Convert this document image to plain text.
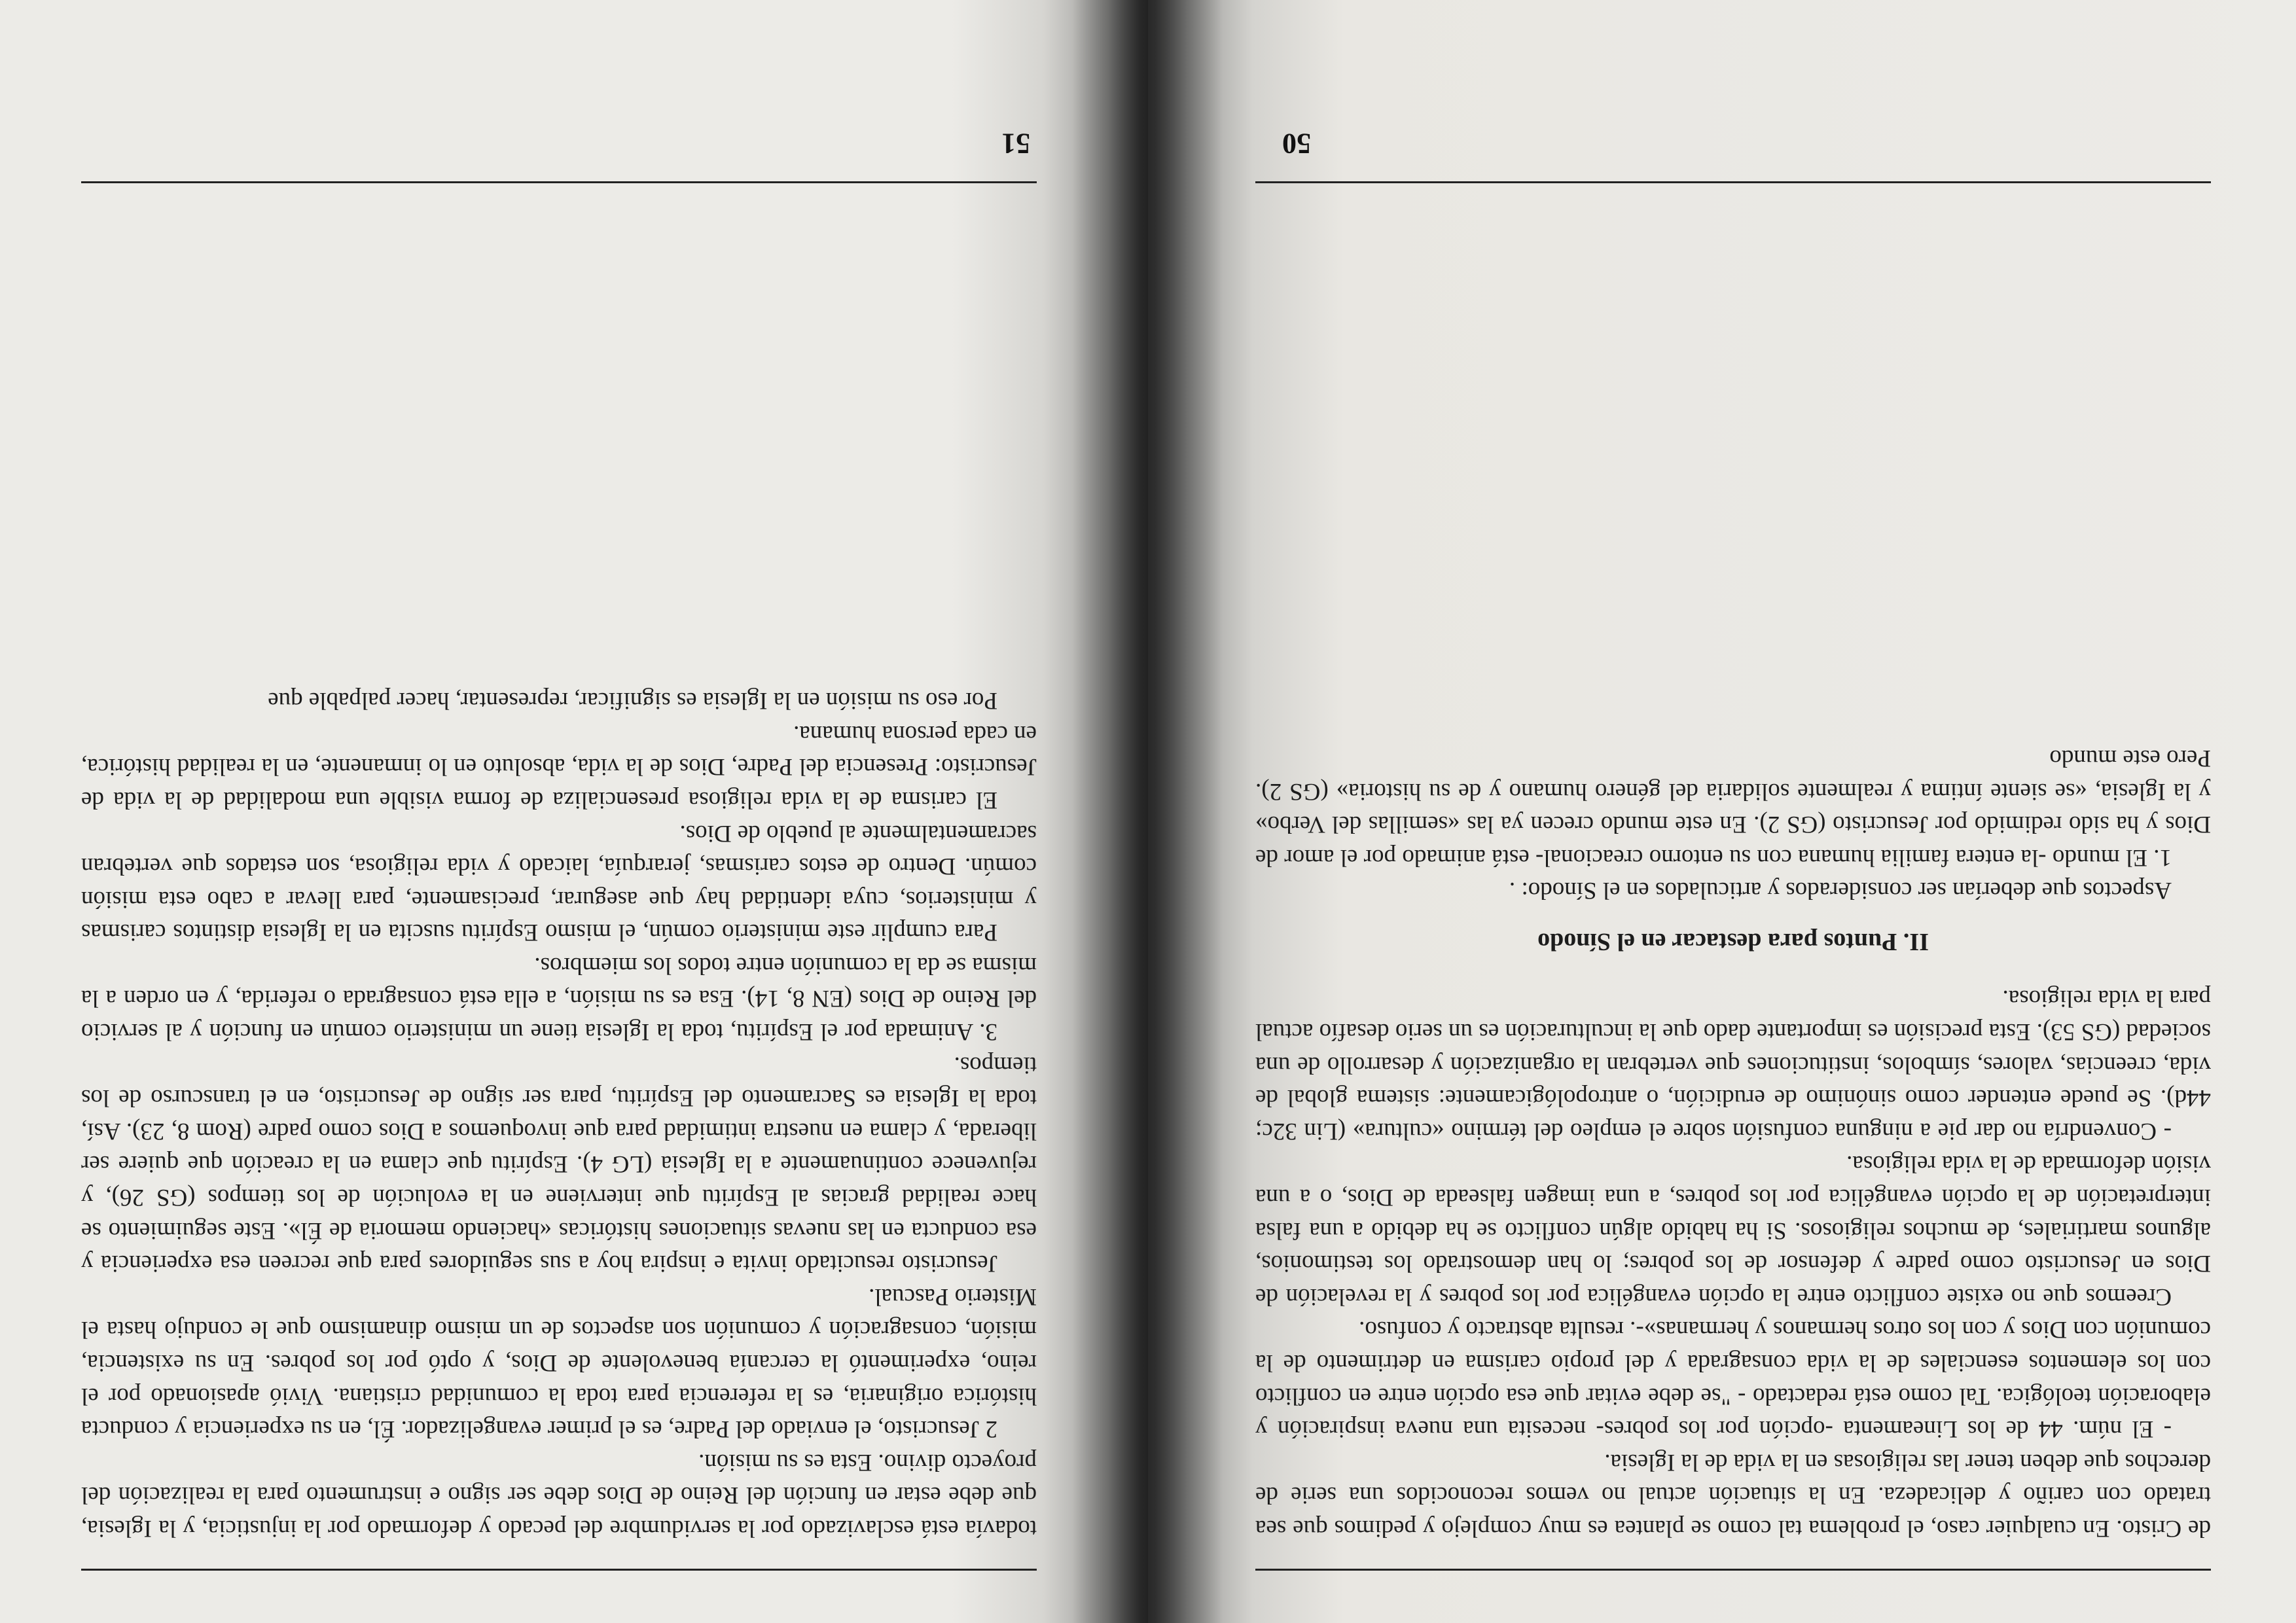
de Cristo. En cualquier caso, el problema tal como se plantea es muy complejo y pedimos que sea tratado con cariño y delicadeza. En la situación actual no vemos reconocidos una serie de derechos que deben tener las religiosas en la vida de la Iglesia.

- El núm. 44 de los Lineamenta -opción por los pobres- necesita una nueva inspiración y elaboración teológica. Tal como está redactado - "se debe evitar que esa opción entre en conflicto con los elementos esenciales de la vida consagrada y del propio carisma en detrimento de la comunión con Dios y con los otros hermanos y hermanas»-. resulta abstracto y confuso.

Creemos que no existe conflicto entre la opción evangélica por los pobres y la revelación de Dios en Jesucristo como padre y defensor de los pobres; lo han demostrado los testimonios, algunos martiriales, de muchos religiosos. Si ha habido algún conflicto se ha debido a una falsa interpretación de la opción evangélica por los pobres, a una imagen falseada de Dios, o a una visión deformada de la vida religiosa.

- Convendría no dar pie a ninguna confusión sobre el empleo del término «cultura» (Lin 32c; 44d). Se puede entender como sinónimo de erudición, o antropológicamente: sistema global de vida, creencias, valores, símbolos, instituciones que vertebran la organización y desarrollo de una sociedad (GS 53). Esta precisión es importante dado que la inculturación es un serio desafío actual para la vida religiosa.

II. Puntos para destacar en el Sínodo

Aspectos que deberían ser considerados y articulados en el Sínodo: .

1. El mundo -la entera familia humana con su entorno creacional- está animado por el amor de Dios y ha sido redimido por Jesucristo (GS 2). En este mundo crecen ya las «semillas del Verbo» y la Iglesia, «se siente íntima y realmente solidaria del género humano y de su historia» (GS 2). Pero este mundo

50

todavía está esclavizado por la servidumbre del pecado y deformado por la injusticia, y la Iglesia, que debe estar en función del Reino de Dios debe ser signo e instrumento para la realización del proyecto divino. Esta es su misión.

2 Jesucristo, el enviado del Padre, es el primer evangelizador. Él, en su experiencia y conducta histórica originaria, es la referencia para toda la comunidad cristiana. Vivió apasionado por el reino, experimentó la cercanía benevolente de Dios, y optó por los pobres. En su existencia, misión, consagración y comunión son aspectos de un mismo dinamismo que le condujo hasta el Misterio Pascual.

Jesucristo resucitado invita e inspira hoy a sus seguidores para que recreen esa experiencia y esa conducta en las nuevas situaciones históricas «haciendo memoria de Él». Este seguimiento se hace realidad gracias al Espíritu que interviene en la evolución de los tiempos (GS 26), y rejuvenece continuamente a la Iglesia (LG 4). Espíritu que clama en la creación que quiere ser liberada, y clama en nuestra intimidad para que invoquemos a Dios como padre (Rom 8, 23). Así, toda la Iglesia es Sacramento del Espíritu, para ser signo de Jesucristo, en el transcurso de los tiempos.

3. Animada por el Espíritu, toda la Iglesia tiene un ministerio común en función y al servicio del Reino de Dios (EN 8, 14). Esa es su misión, a ella está consagrada o referida, y en orden a la misma se da la comunión entre todos los miembros.

Para cumplir este ministerio común, el mismo Espíritu suscita en la Iglesia distintos carismas y ministerios, cuya identidad hay que asegurar, precisamente, para llevar a cabo esta misión común. Dentro de estos carismas, jerarquía, laicado y vida religiosa, son estados que vertebran sacramentalmente al pueblo de Dios.

El carisma de la vida religiosa presencializa de forma visible una modalidad de la vida de Jesucristo: Presencia del Padre, Dios de la vida, absoluto en lo inmanente, en la realidad histórica, en cada persona humana.

Por eso su misión en la Iglesia es significar, representar, hacer palpable que

51
